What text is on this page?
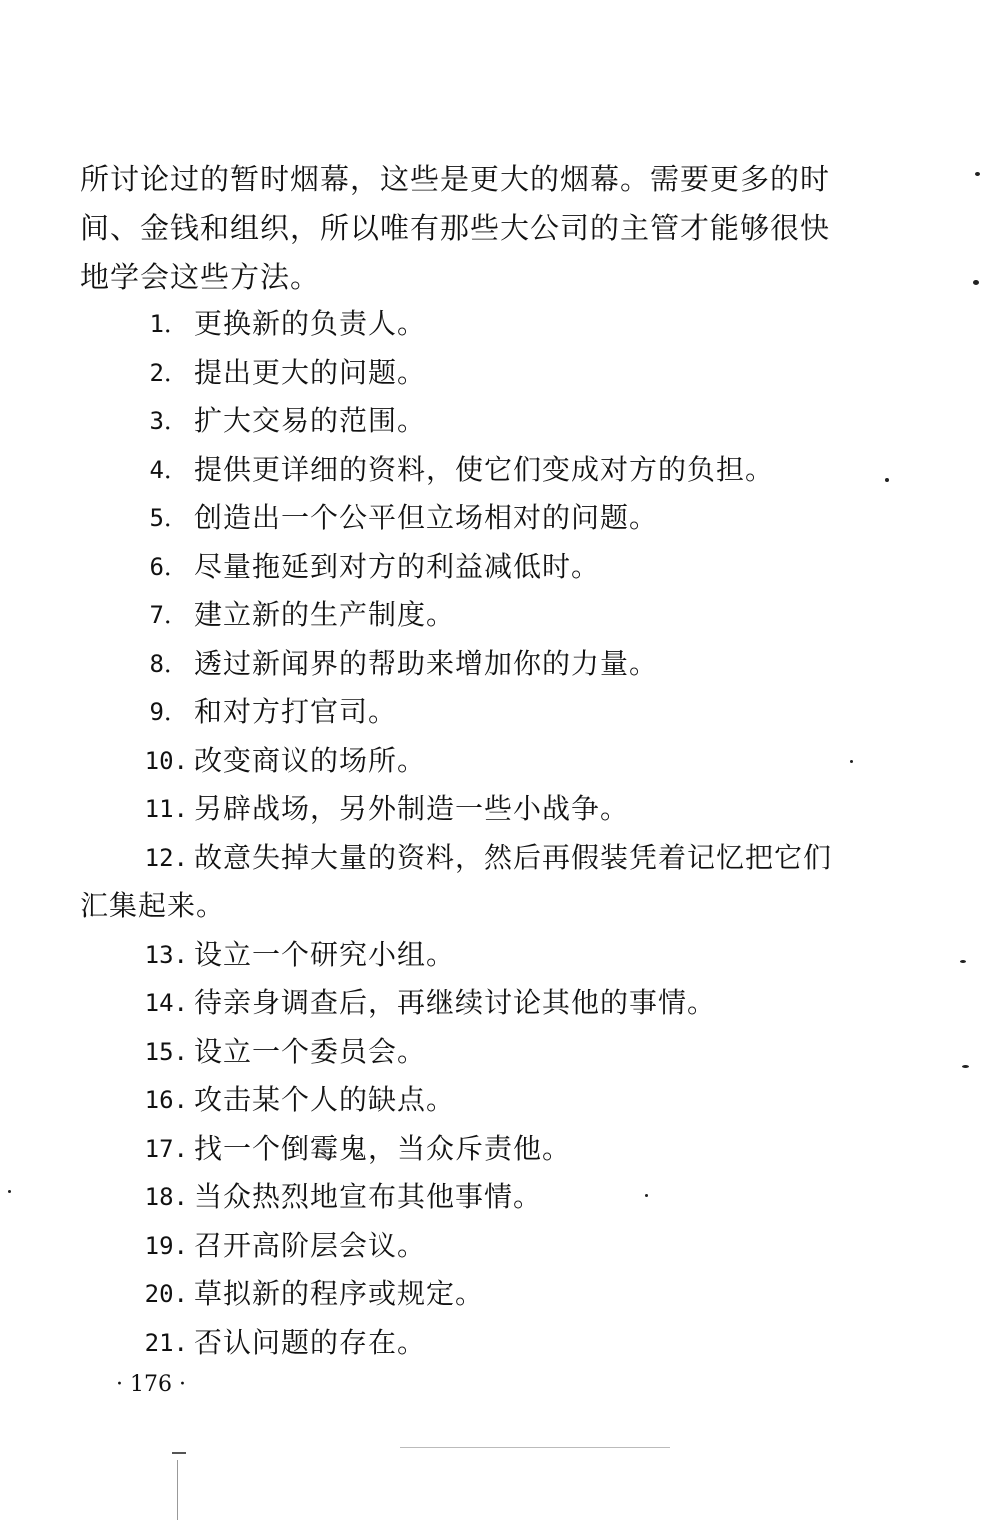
所讨论过的暂时烟幕，这些是更大的烟幕。需要更多的时间、金钱和组织，所以唯有那些大公司的主管才能够很快地学会这些方法。

1． 更换新的负责人。
2． 提出更大的问题。
3． 扩大交易的范围。
4． 提供更详细的资料，使它们变成对方的负担。
5． 创造出一个公平但立场相对的问题。
6． 尽量拖延到对方的利益减低时。
7． 建立新的生产制度。
8． 透过新闻界的帮助来增加你的力量。
9． 和对方打官司。
10. 改变商议的场所。
11. 另辟战场，另外制造一些小战争。
12. 故意失掉大量的资料，然后再假装凭着记忆把它们
汇集起来。
13. 设立一个研究小组。
14. 待亲身调查后，再继续讨论其他的事情。
15. 设立一个委员会。
16. 攻击某个人的缺点。
17. 找一个倒霉鬼，当众斥责他。
18. 当众热烈地宣布其他事情。
19. 召开高阶层会议。
20. 草拟新的程序或规定。
21. 否认问题的存在。
· 176 ·
